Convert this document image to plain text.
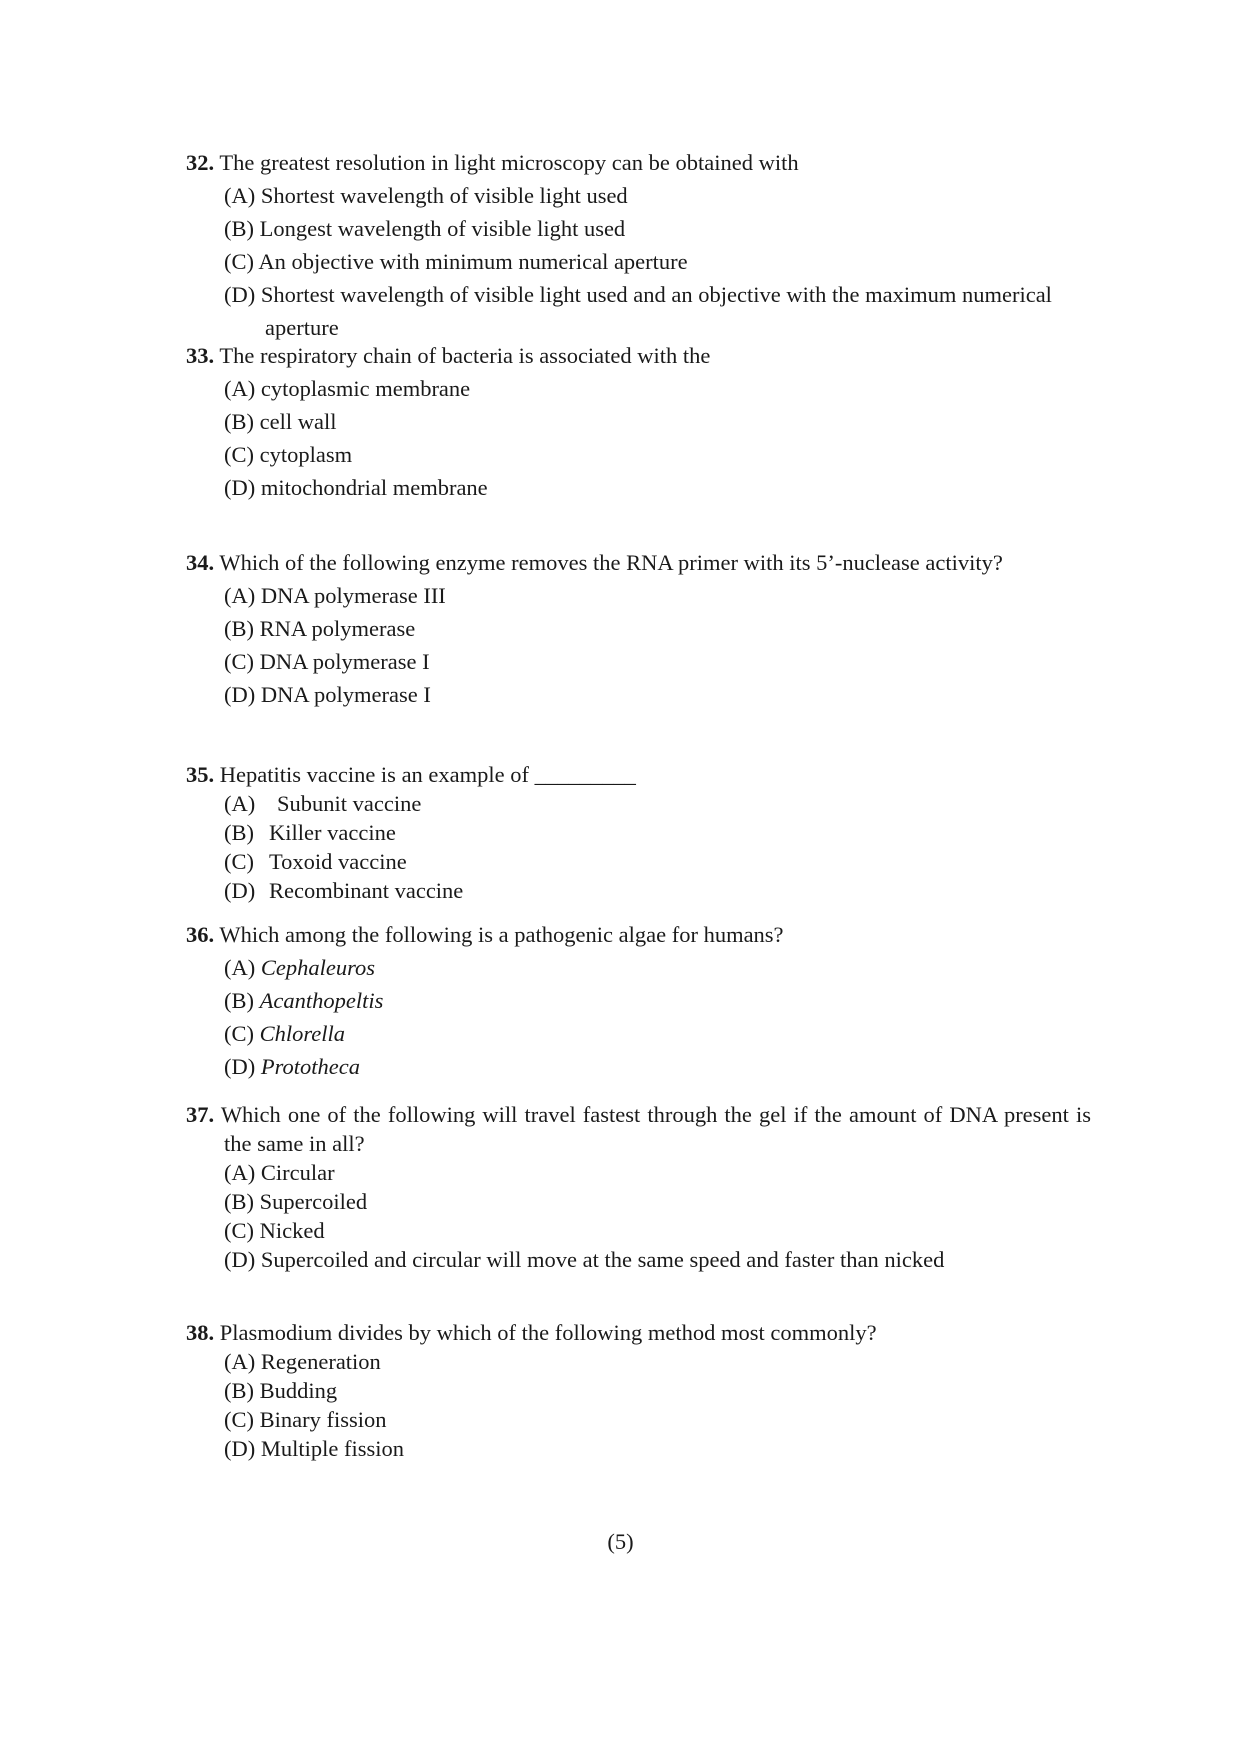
32. The greatest resolution in light microscopy can be obtained with
(A) Shortest wavelength of visible light used
(B) Longest wavelength of visible light used
(C) An objective with minimum numerical aperture
(D) Shortest wavelength of visible light used and an objective with the maximum numerical aperture
33. The respiratory chain of bacteria is associated with the
(A) cytoplasmic membrane
(B) cell wall
(C) cytoplasm
(D) mitochondrial membrane
34. Which of the following enzyme removes the RNA primer with its 5’-nuclease activity?
(A) DNA polymerase III
(B) RNA polymerase
(C) DNA polymerase I
(D) DNA polymerase I
35. Hepatitis vaccine is an example of _________
(A) Subunit vaccine
(B) Killer vaccine
(C) Toxoid vaccine
(D) Recombinant vaccine
36. Which among the following is a pathogenic algae for humans?
(A) Cephaleuros
(B) Acanthopeltis
(C) Chlorella
(D) Prototheca
37. Which one of the following will travel fastest through the gel if the amount of DNA present is the same in all?
(A) Circular
(B) Supercoiled
(C) Nicked
(D) Supercoiled and circular will move at the same speed and faster than nicked
38. Plasmodium divides by which of the following method most commonly?
(A) Regeneration
(B) Budding
(C) Binary fission
(D) Multiple fission
(5)
